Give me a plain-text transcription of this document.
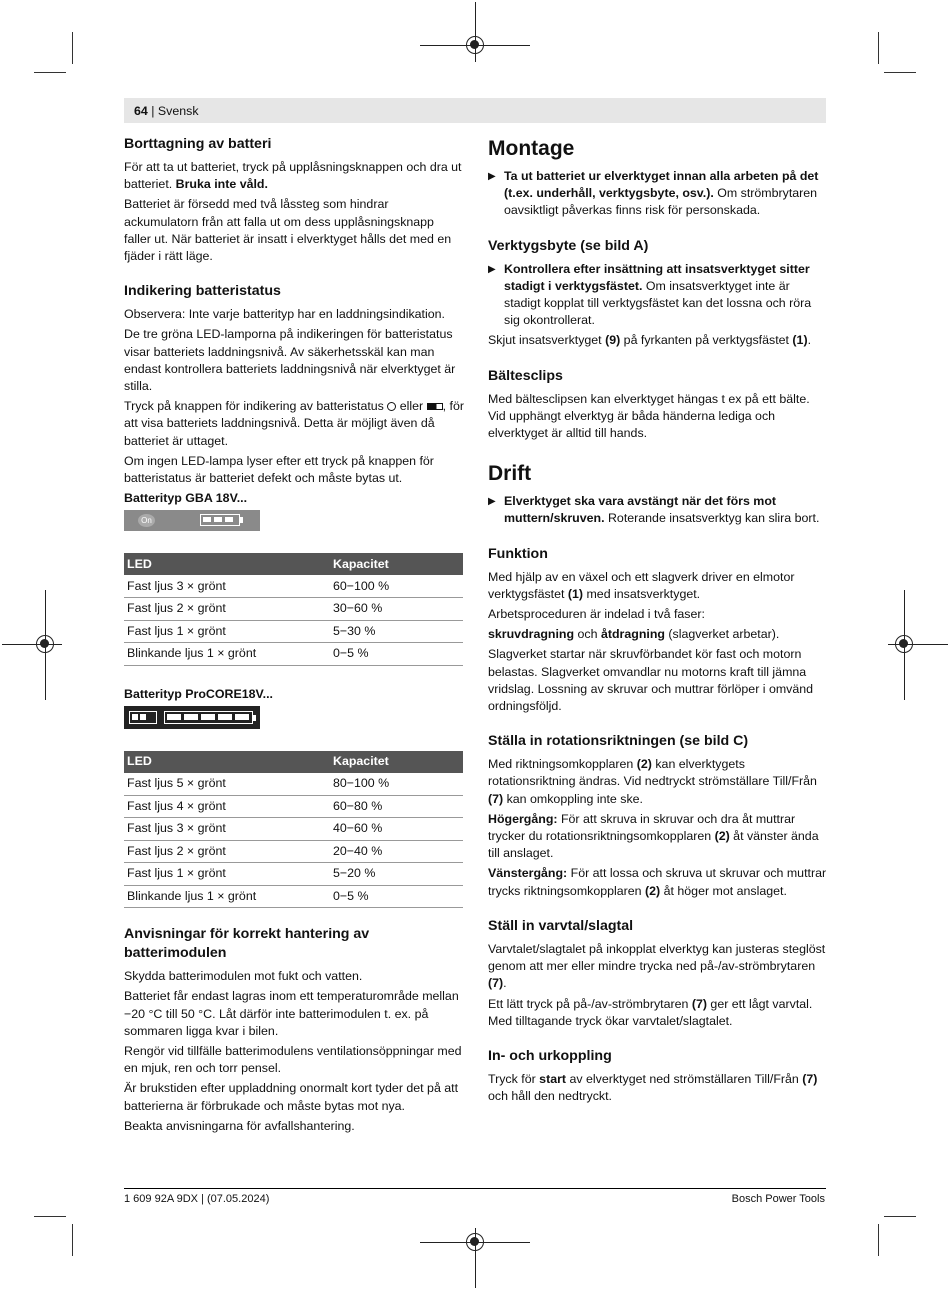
64 | Svensk
Borttagning av batteri

För att ta ut batteriet, tryck på upplåsningsknappen och dra ut batteriet. Bruka inte våld.

Batteriet är försedd med två låssteg som hindrar ackumulatorn från att falla ut om dess upplåsningsknapp faller ut. När batteriet är insatt i elverktyget hålls det med en fjäder i rätt läge.

Indikering batteristatus

Observera: Inte varje batterityp har en laddningsindikation.

De tre gröna LED-lamporna på indikeringen för batteristatus visar batteriets laddningsnivå. Av säkerhetsskäl kan man endast kontrollera batteriets laddningsnivå när elverktyget är stilla.

Tryck på knappen för indikering av batteristatus  eller , för att visa batteriets laddningsnivå. Detta är möjligt även då batteriet är uttaget.

Om ingen LED-lampa lyser efter ett tryck på knappen för batteristatus är batteriet defekt och måste bytas ut.

Batterityp GBA 18V...
On
LED	Kapacitet
Fast ljus 3 × grönt	60−100 %
Fast ljus 2 × grönt	30−60 %
Fast ljus 1 × grönt	5−30 %
Blinkande ljus 1 × grönt	0−5 %
Batterityp ProCORE18V...
LED	Kapacitet
Fast ljus 5 × grönt	80−100 %
Fast ljus 4 × grönt	60−80 %
Fast ljus 3 × grönt	40−60 %
Fast ljus 2 × grönt	20−40 %
Fast ljus 1 × grönt	5−20 %
Blinkande ljus 1 × grönt	0−5 %
Anvisningar för korrekt hantering av batterimodulen

Skydda batterimodulen mot fukt och vatten.

Batteriet får endast lagras inom ett temperaturområde mellan −20 °C till 50 °C. Låt därför inte batterimodulen t. ex. på sommaren ligga kvar i bilen.

Rengör vid tillfälle batterimodulens ventilationsöppningar med en mjuk, ren och torr pensel.

Är brukstiden efter uppladdning onormalt kort tyder det på att batterierna är förbrukade och måste bytas mot nya.

Beakta anvisningarna för avfallshantering.

Montage
▶ Ta ut batteriet ur elverktyget innan alla arbeten på det (t.ex. underhåll, verktygsbyte, osv.). Om strömbrytaren oavsiktligt påverkas finns risk för personskada.
Verktygsbyte (se bild A)
▶ Kontrollera efter insättning att insatsverktyget sitter stadigt i verktygsfästet. Om insatsverktyget inte är stadigt kopplat till verktygsfästet kan det lossna och röra sig okontrollerat.

Skjut insatsverktyget (9) på fyrkanten på verktygsfästet (1).

Bältesclips

Med bältesclipsen kan elverktyget hängas t ex på ett bälte. Vid upphängt elverktyg är båda händerna lediga och elverktyget är alltid till hands.

Drift
▶ Elverktyget ska vara avstängt när det förs mot muttern/skruven. Roterande insatsverktyg kan slira bort.
Funktion

Med hjälp av en växel och ett slagverk driver en elmotor verktygsfästet (1) med insatsverktyget.

Arbetsproceduren är indelad i två faser:

skruvdragning och åtdragning (slagverket arbetar).

Slagverket startar när skruvförbandet kör fast och motorn belastas. Slagverket omvandlar nu motorns kraft till jämna vridslag. Lossning av skruvar och muttrar förlöper i omvänd ordningsföljd.

Ställa in rotationsriktningen (se bild C)

Med riktningsomkopplaren (2) kan elverktygets rotationsriktning ändras. Vid nedtryckt strömställare Till/Från (7) kan omkoppling inte ske.

Högergång: För att skruva in skruvar och dra åt muttrar trycker du rotationsriktningsomkopplaren (2) åt vänster ända till anslaget.

Vänstergång: För att lossa och skruva ut skruvar och muttrar trycks riktningsomkopplaren (2) åt höger mot anslaget.

Ställ in varvtal/slagtal

Varvtalet/slagtalet på inkopplat elverktyg kan justeras steglöst genom att mer eller mindre trycka ned på-/av-strömbrytaren (7).

Ett lätt tryck på på-/av-strömbrytaren (7) ger ett lågt varvtal. Med tilltagande tryck ökar varvtalet/slagtalet.

In- och urkoppling

Tryck för start av elverktyget ned strömställaren Till/Från (7) och håll den nedtryckt.

1 609 92A 9DX | (07.05.2024)	Bosch Power Tools
